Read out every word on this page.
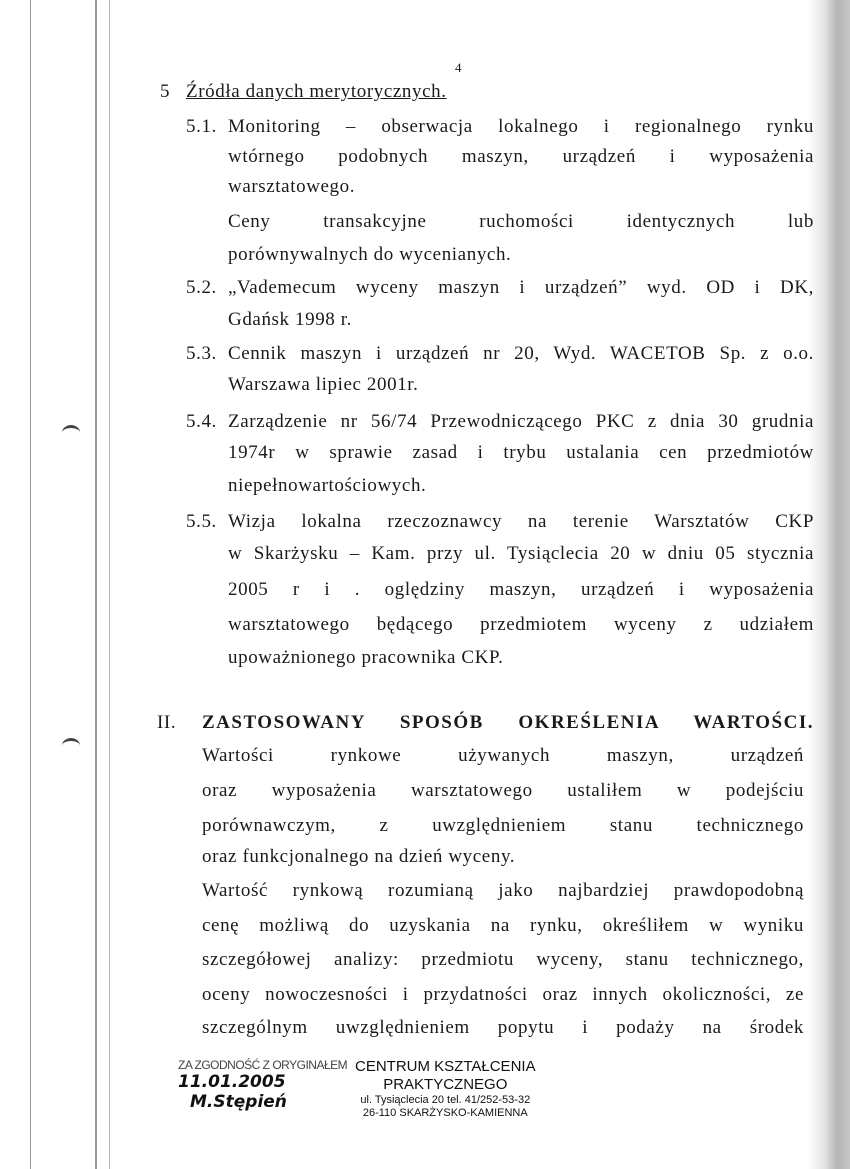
4
5 Źródła danych merytorycznych.
5.1. Monitoring – obserwacja lokalnego i regionalnego rynku
wtórnego podobnych maszyn, urządzeń i wyposażenia
warsztatowego.
Ceny transakcyjne ruchomości identycznych lub
porównywalnych do wycenianych.
5.2. „Vademecum wyceny maszyn i urządzeń” wyd. OD i DK,
Gdańsk 1998 r.
5.3. Cennik maszyn i urządzeń nr 20, Wyd. WACETOB Sp. z o.o.
Warszawa lipiec 2001r.
5.4. Zarządzenie nr 56/74 Przewodniczącego PKC z dnia 30 grudnia
1974r w sprawie zasad i trybu ustalania cen przedmiotów
niepełnowartościowych.
5.5. Wizja lokalna rzeczoznawcy na terenie Warsztatów CKP
w Skarżysku – Kam. przy ul. Tysiąclecia 20 w dniu 05 stycznia
2005 r i . oględziny maszyn, urządzeń i wyposażenia
warsztatowego będącego przedmiotem wyceny z udziałem
upoważnionego pracownika CKP.
II. ZASTOSOWANY SPOSÓB OKREŚLENIA WARTOŚCI.
Wartości rynkowe używanych maszyn, urządzeń
oraz wyposażenia warsztatowego ustaliłem w podejściu
porównawczym, z uwzględnieniem stanu technicznego
oraz funkcjonalnego na dzień wyceny.
Wartość rynkową rozumianą jako najbardziej prawdopodobną
cenę możliwą do uzyskania na rynku, określiłem w wyniku
szczegółowej analizy: przedmiotu wyceny, stanu technicznego,
oceny nowoczesności i przydatności oraz innych okoliczności, ze
szczególnym uwzględnieniem popytu i podaży na środek
ZA ZGODNOŚĆ Z ORYGINAŁEM
11.01.2005
M.Stępień
CENTRUM KSZTAŁCENIA
PRAKTYCZNEGO
ul. Tysiąclecia 20 tel. 41/252-53-32
26-110 SKARŻYSKO-KAMIENNA
